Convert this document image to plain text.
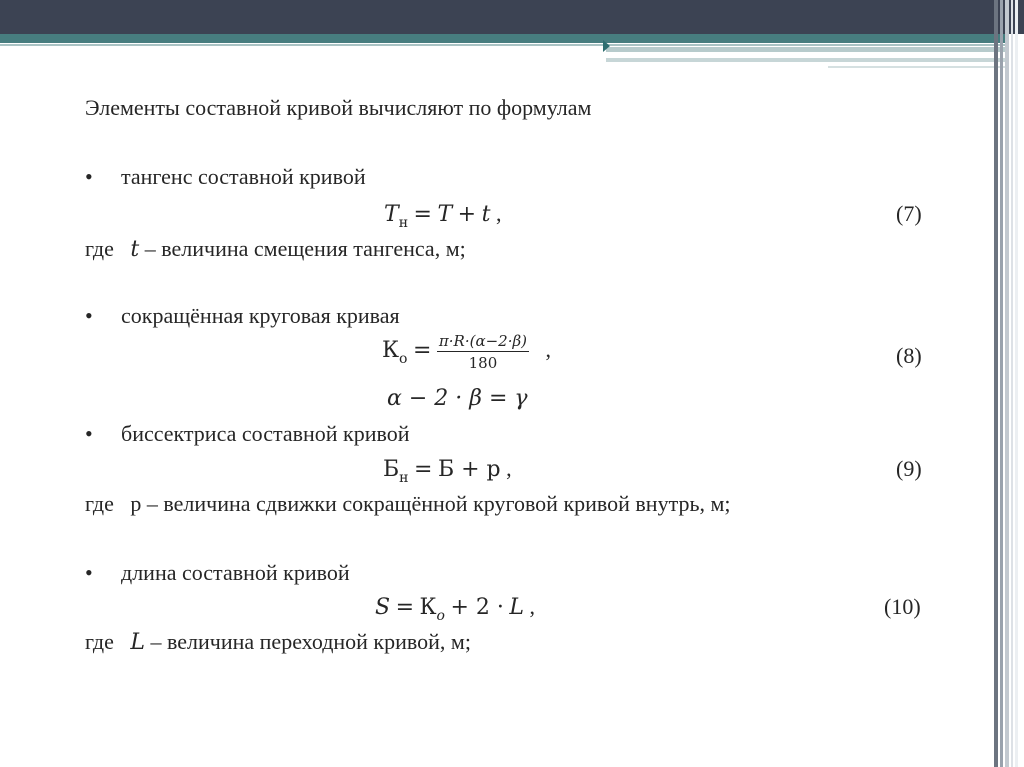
Элементы составной кривой вычисляют по формулам
• тангенс составной кривой
$T_н = T + t$ ,	(7)
где t – величина смещения тангенса, м;
• сокращённая круговая кривая
$К_о = \frac{\pi\cdot R\cdot(\alpha-2\cdot\beta)}{180}$ ,	(8)
α − 2 · β = γ
• биссектриса составной кривой
$Б_н = Б + р$ ,	(9)
где р – величина сдвижки сокращённой круговой кривой внутрь, м;
• длина составной кривой
$S = К_o + 2 \cdot L$ ,	(10)
где L – величина переходной кривой, м;
